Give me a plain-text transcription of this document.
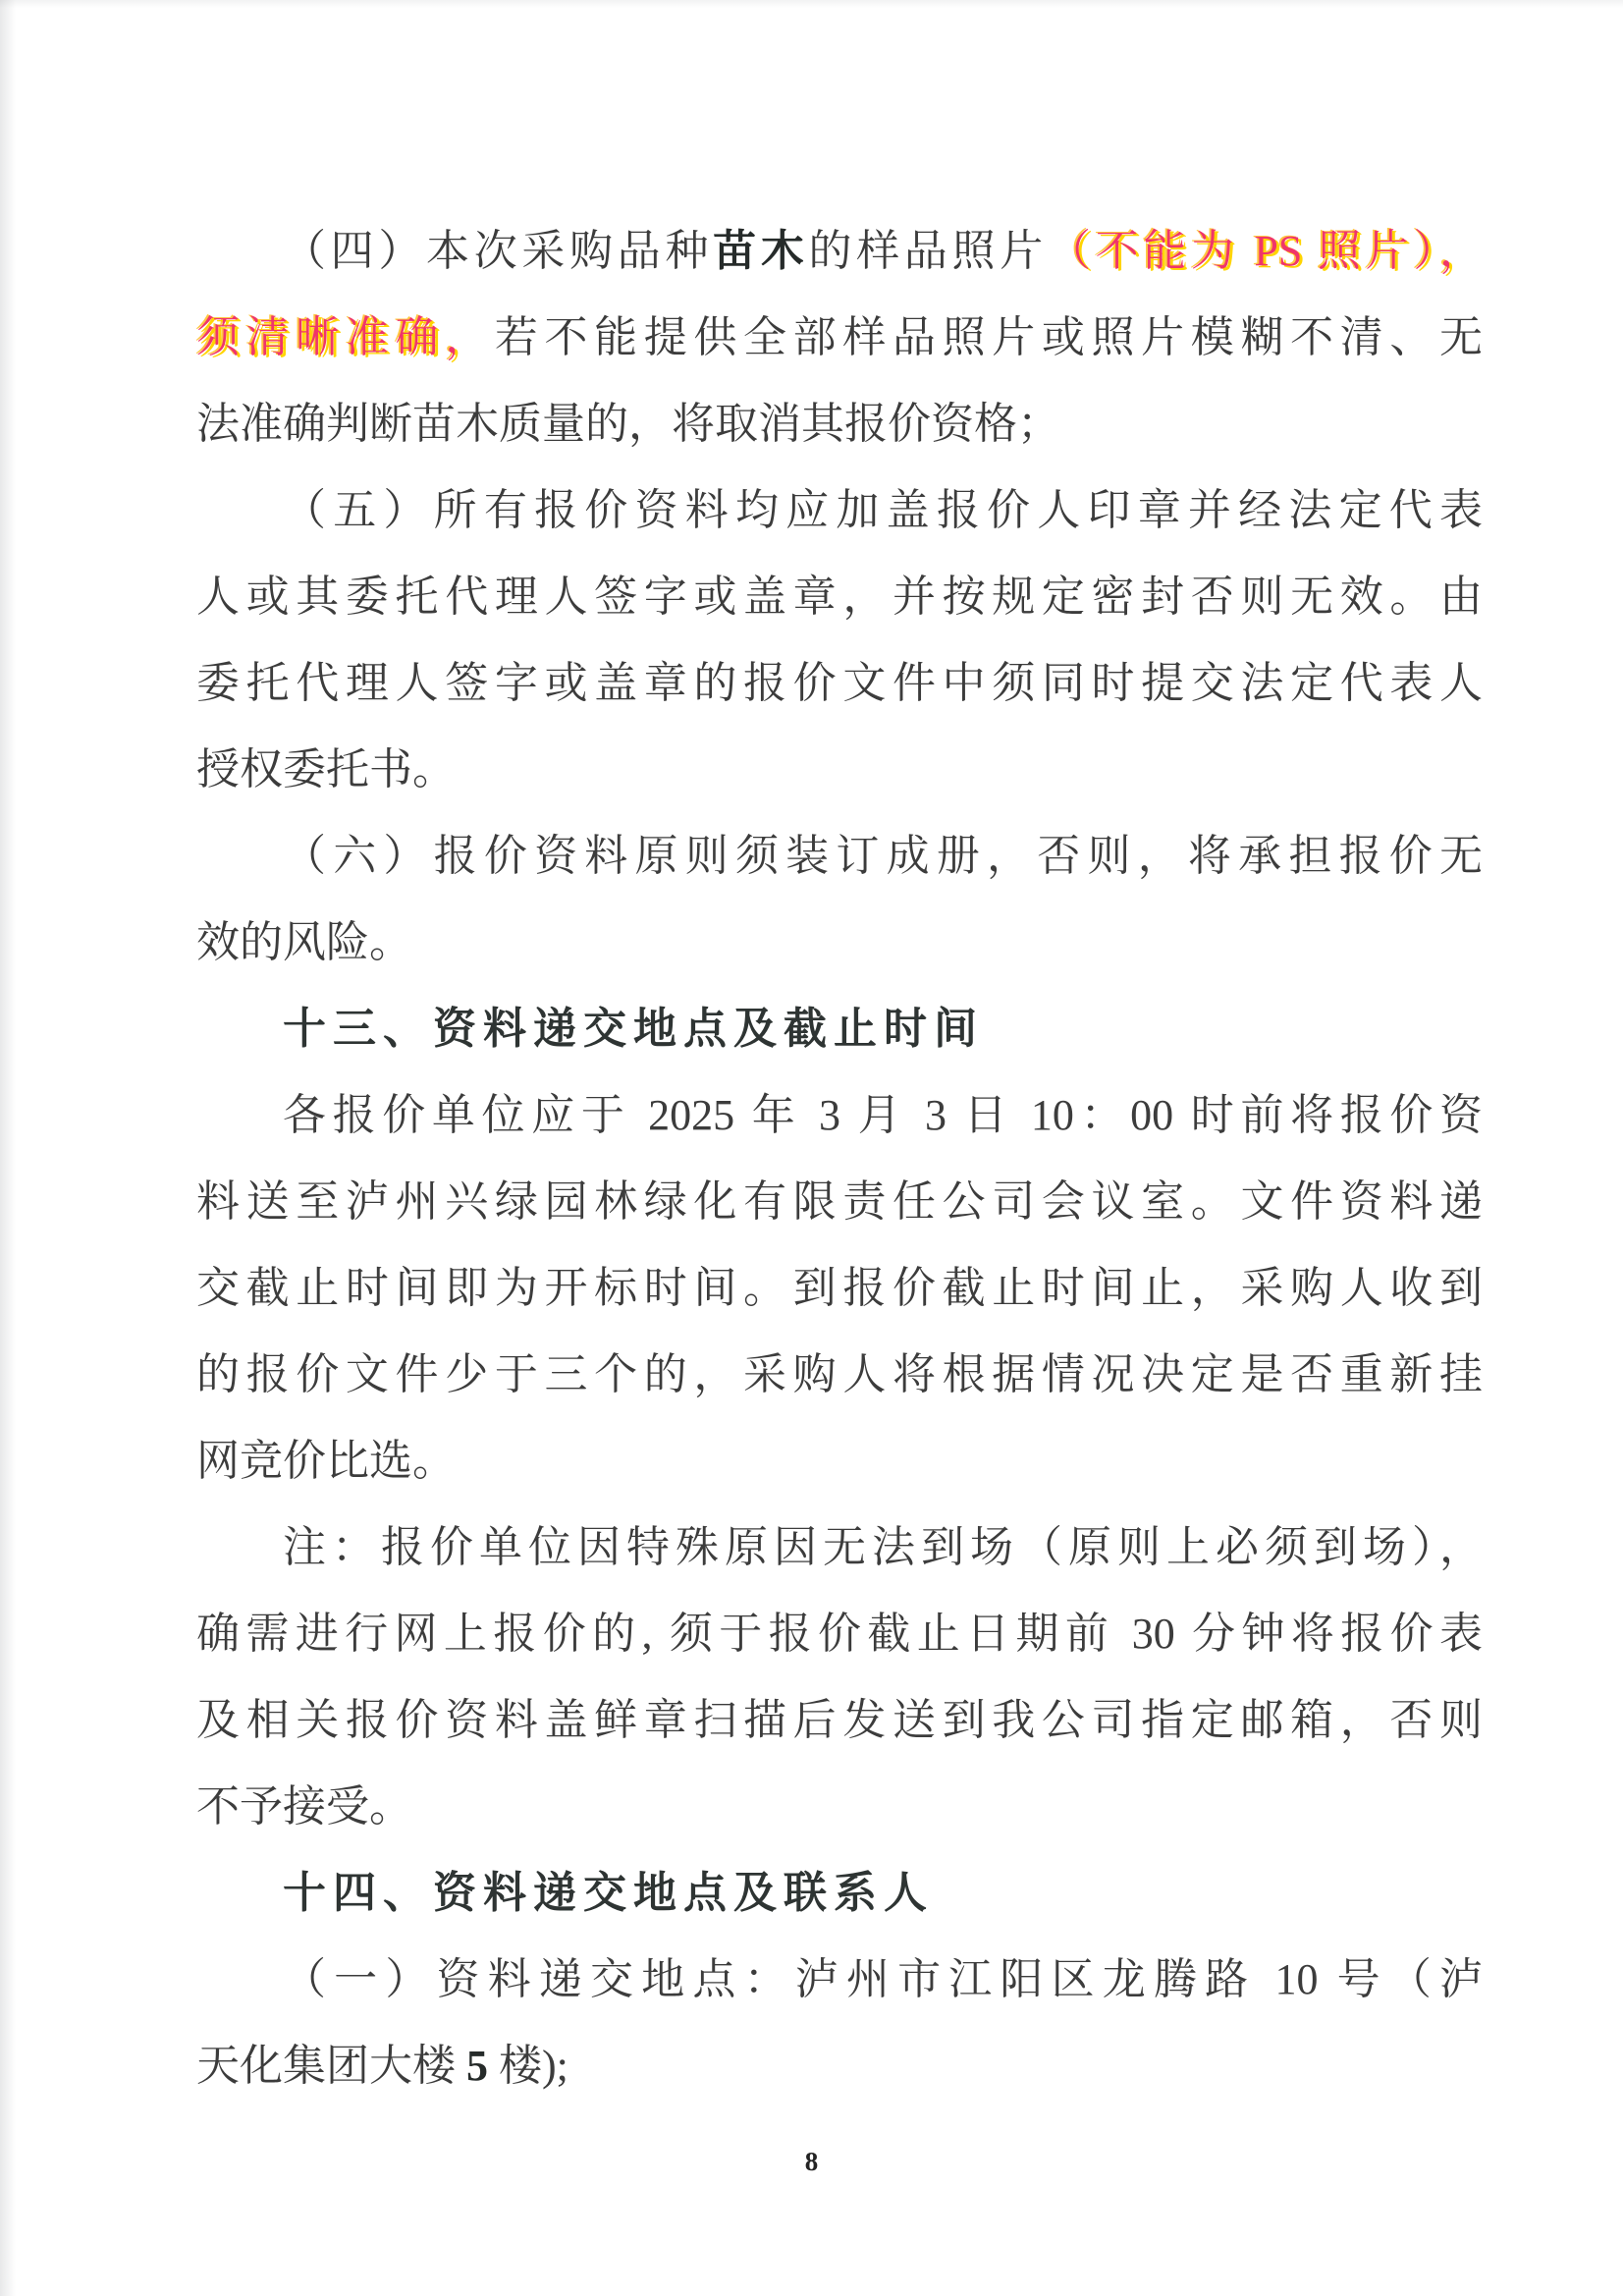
（四）本次采购品种苗木的样品照片（不能为 PS 照片），
须清晰准确，若不能提供全部样品照片或照片模糊不清、无
法准确判断苗木质量的，将取消其报价资格；
（五）所有报价资料均应加盖报价人印章并经法定代表
人或其委托代理人签字或盖章，并按规定密封否则无效。由
委托代理人签字或盖章的报价文件中须同时提交法定代表人
授权委托书。
（六）报价资料原则须装订成册，否则，将承担报价无
效的风险。
十三、资料递交地点及截止时间
各报价单位应于 2025 年 3 月 3 日 10：00 时前将报价资
料送至泸州兴绿园林绿化有限责任公司会议室。文件资料递
交截止时间即为开标时间。到报价截止时间止，采购人收到
的报价文件少于三个的，采购人将根据情况决定是否重新挂
网竞价比选。
注：报价单位因特殊原因无法到场（原则上必须到场），
确需进行网上报价的, 须于报价截止日期前 30 分钟将报价表
及相关报价资料盖鲜章扫描后发送到我公司指定邮箱，否则
不予接受。
十四、资料递交地点及联系人
（一）资料递交地点：泸州市江阳区龙腾路 10 号（泸
天化集团大楼 5 楼);
8
